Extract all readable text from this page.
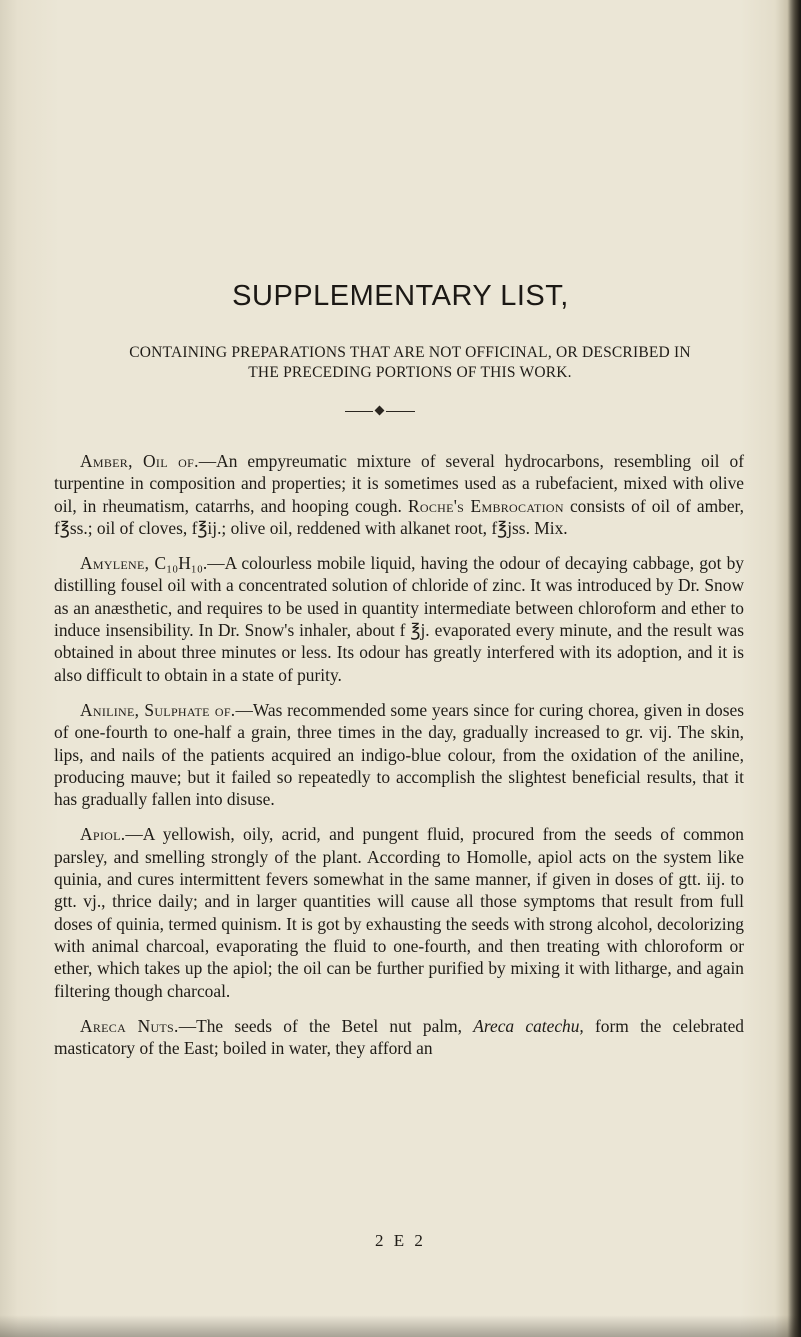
SUPPLEMENTARY LIST,
CONTAINING PREPARATIONS THAT ARE NOT OFFICINAL, OR DESCRIBED IN
THE PRECEDING PORTIONS OF THIS WORK.

Amber, Oil of.—An empyreumatic mixture of several hydrocarbons, resembling oil of turpentine in composition and properties; it is sometimes used as a rubefacient, mixed with olive oil, in rheumatism, catarrhs, and hooping cough. Roche's Embrocation consists of oil of amber, f℥ss.; oil of cloves, f℥ij.; olive oil, reddened with alkanet root, f℥jss. Mix.

Amylene, C₁₀H₁₀.—A colourless mobile liquid, having the odour of decaying cabbage, got by distilling fousel oil with a concentrated solution of chloride of zinc. It was introduced by Dr. Snow as an anæsthetic, and requires to be used in quantity intermediate between chloroform and ether to induce insensibility. In Dr. Snow's inhaler, about f ℥j. evaporated every minute, and the result was obtained in about three minutes or less. Its odour has greatly interfered with its adoption, and it is also difficult to obtain in a state of purity.

Aniline, Sulphate of.—Was recommended some years since for curing chorea, given in doses of one-fourth to one-half a grain, three times in the day, gradually increased to gr. vij. The skin, lips, and nails of the patients acquired an indigo-blue colour, from the oxidation of the aniline, producing mauve; but it failed so repeatedly to accomplish the slightest beneficial results, that it has gradually fallen into disuse.

Apiol.—A yellowish, oily, acrid, and pungent fluid, procured from the seeds of common parsley, and smelling strongly of the plant. According to Homolle, apiol acts on the system like quinia, and cures intermittent fevers somewhat in the same manner, if given in doses of gtt. iij. to gtt. vj., thrice daily; and in larger quantities will cause all those symptoms that result from full doses of quinia, termed quinism. It is got by exhausting the seeds with strong alcohol, decolorizing with animal charcoal, evaporating the fluid to one-fourth, and then treating with chloroform or ether, which takes up the apiol; the oil can be further purified by mixing it with litharge, and again filtering though charcoal.

Areca Nuts.—The seeds of the Betel nut palm, Areca catechu, form the celebrated masticatory of the East; boiled in water, they afford an

2 E 2
